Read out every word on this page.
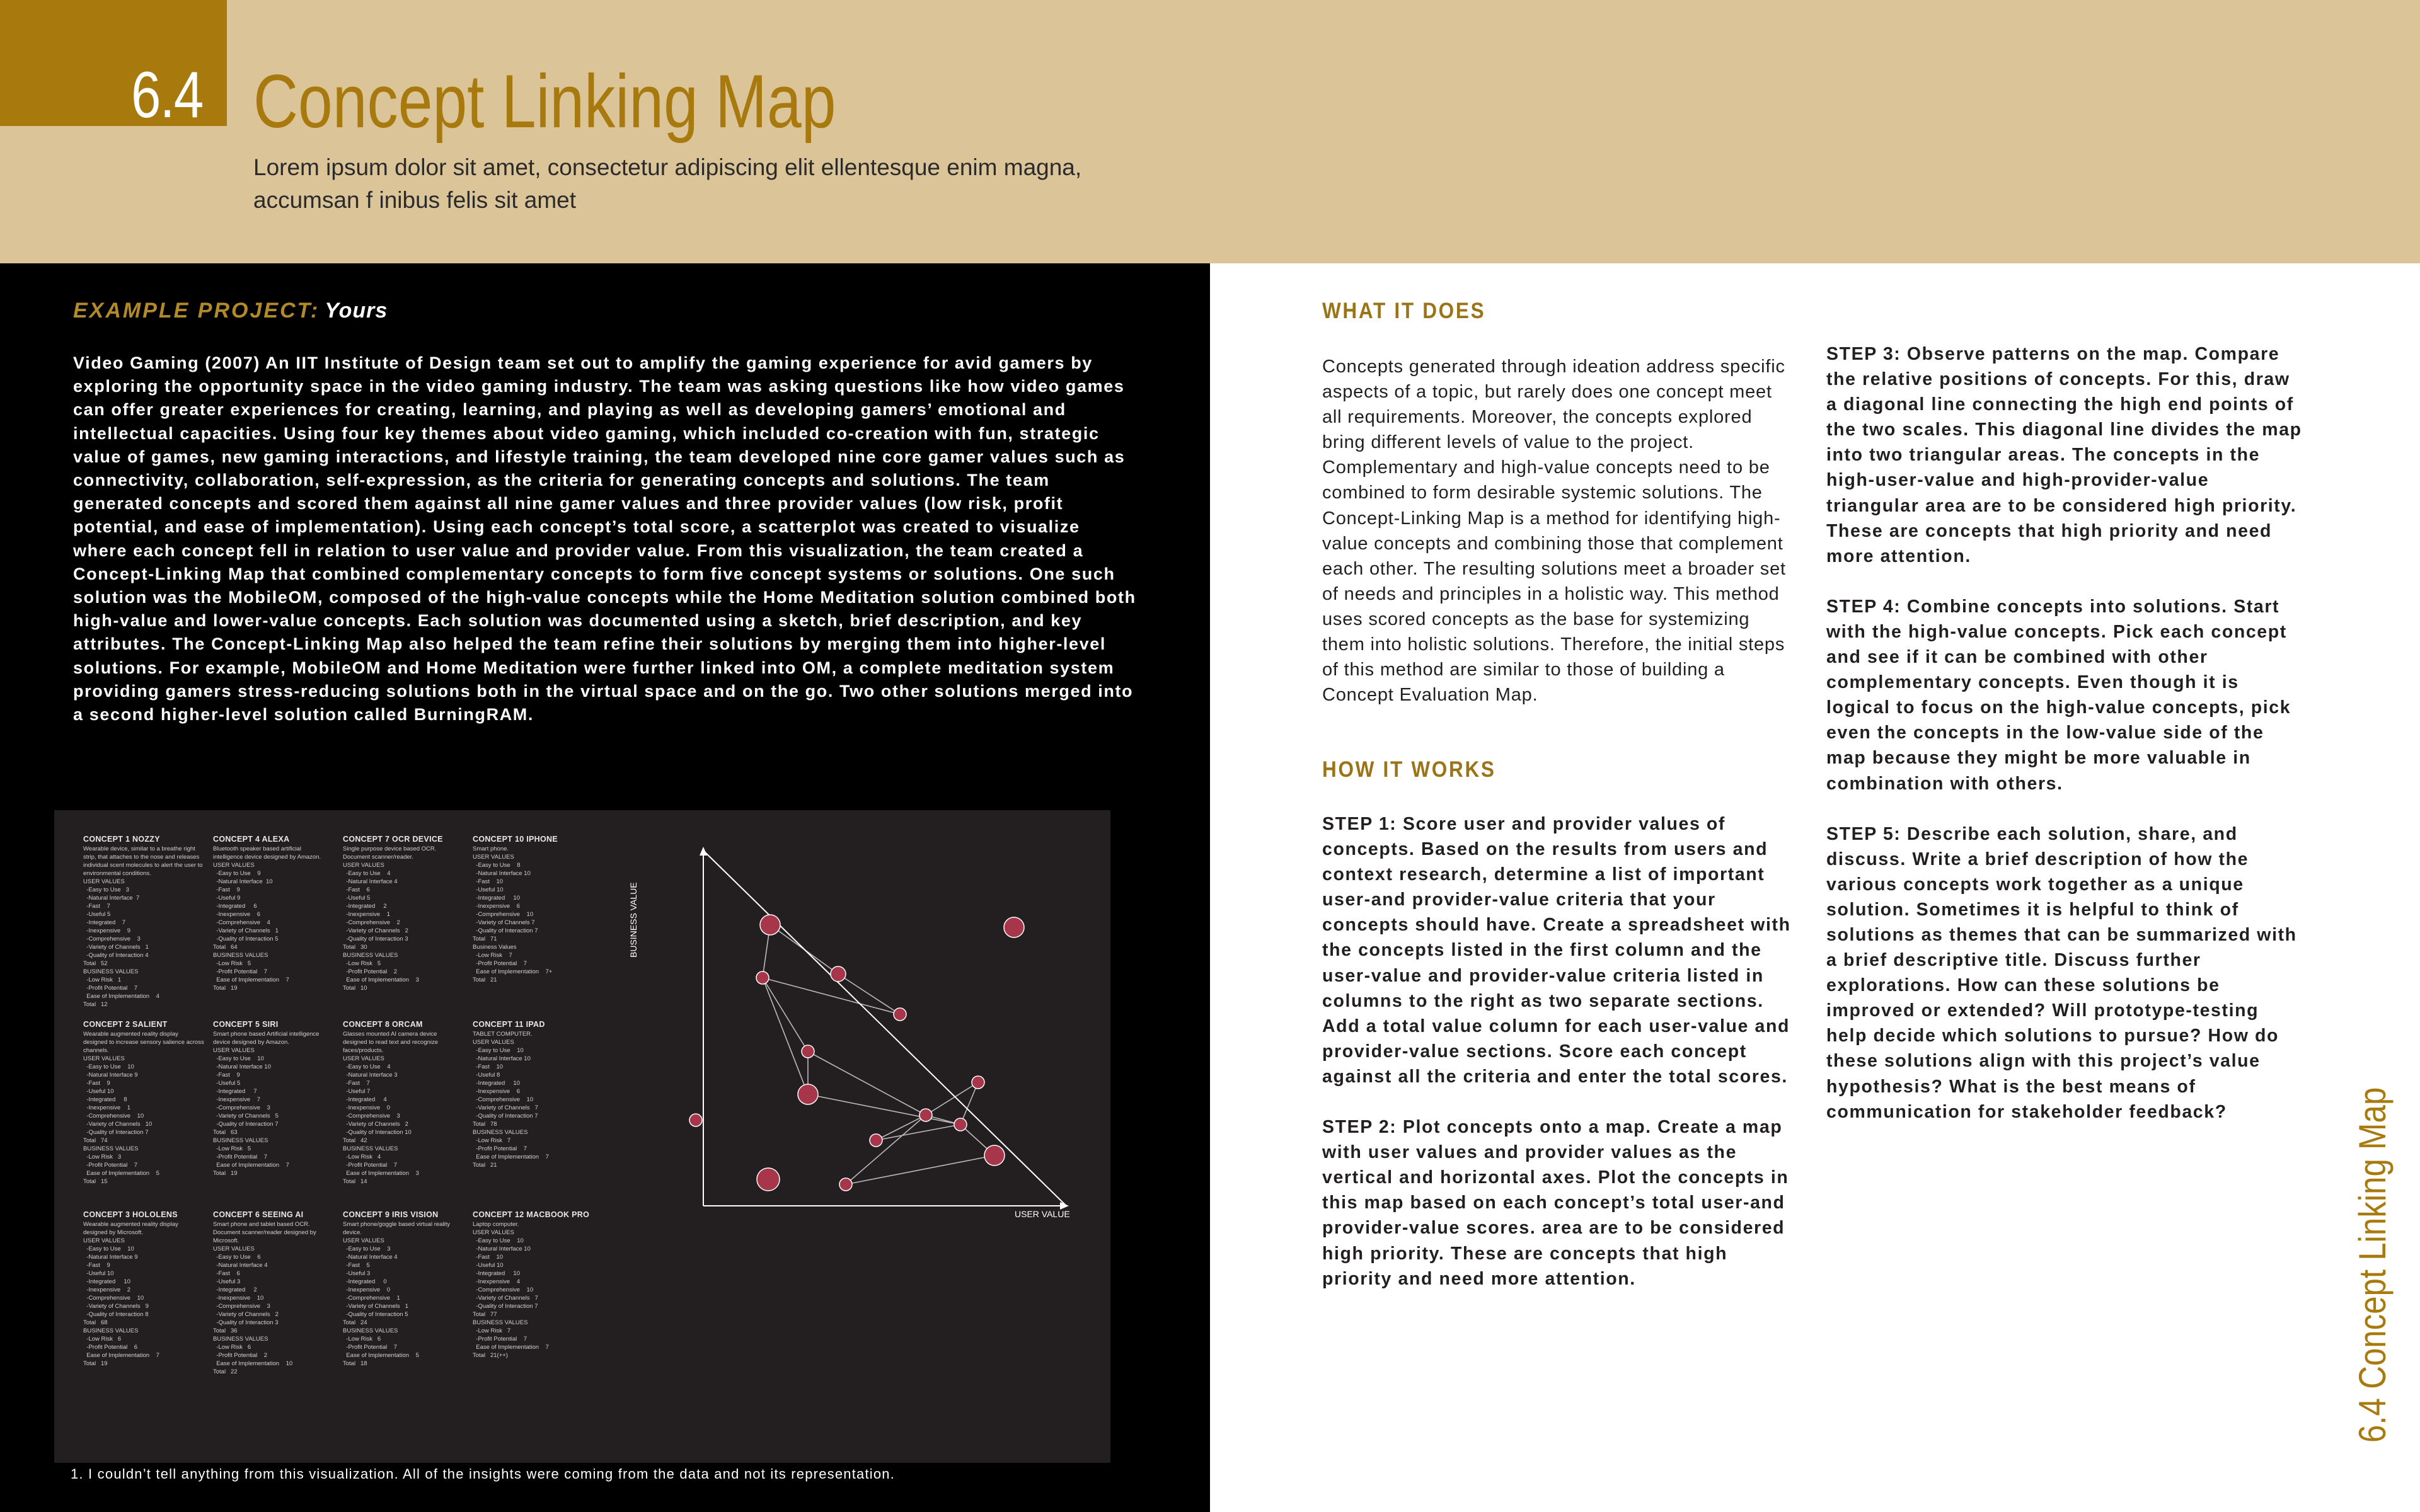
6.4 Concept Linking Map
Lorem ipsum dolor sit amet, consectetur adipiscing elit ellentesque enim magna, accumsan f inibus felis sit amet
EXAMPLE PROJECT: Yours
Video Gaming (2007) An IIT Institute of Design team set out to amplify the gaming experience for avid gamers by exploring the opportunity space in the video gaming industry. The team was asking questions like how video games can offer greater experiences for creating, learning, and playing as well as developing gamers’ emotional and intellectual capacities. Using four key themes about video gaming, which included co-creation with fun, strategic value of games, new gaming interactions, and lifestyle training, the team developed nine core gamer values such as connectivity, collaboration, self-expression, as the criteria for generating concepts and solutions. The team generated concepts and scored them against all nine gamer values and three provider values (low risk, profit potential, and ease of implementation). Using each concept’s total score, a scatterplot was created to visualize where each concept fell in relation to user value and provider value. From this visualization, the team created a Concept-Linking Map that combined complementary concepts to form five concept systems or solutions. One such solution was the MobileOM, composed of the high-value concepts while the Home Meditation solution combined both high-value and lower-value concepts. Each solution was documented using a sketch, brief description, and key attributes. The Concept-Linking Map also helped the team refine their solutions by merging them into higher-level solutions. For example, MobileOM and Home Meditation were further linked into OM, a complete meditation system providing gamers stress-reducing solutions both in the virtual space and on the go. Two other solutions merged into a second higher-level solution called BurningRAM.
CONCEPT 1 NOZZY
Wearable device, similar to a breathe right
strip, that attaches to the nose and releases
individual scent molecules to alert the user to
environmental conditions.
USER VALUES
-Easy to Use   3
-Natural Interface  7
-Fast    7
-Useful 5
-Integrated    7
-Inexpensive    9
-Comprehensive    3
-Variety of Channels   1
-Quality of Interaction 4
Total   52
BUSINESS VALUES
-Low Risk   1
-Profit Potential    7
Ease of Implementation    4
Total   12
CONCEPT 4 ALEXA
Bluetooth speaker based artificial
intelligence device designed by Amazon.
USER VALUES
-Easy to Use    9
-Natural Interface  10
-Fast    9
-Useful 9
-Integrated     6
-Inexpensive    6
-Comprehensive    4
-Variety of Channels   1
-Quality of Interaction 5
Total   64
BUSINESS VALUES
-Low Risk   5
-Profit Potential    7
Ease of Implementation    7
Total   19
CONCEPT 7 OCR DEVICE
Single purpose device based OCR.
Document scanner/reader.
USER VALUES
-Easy to Use    4
-Natural Interface 4
-Fast    6
-Useful 5
-Integrated     2
-Inexpensive    1
-Comprehensive    2
-Variety of Channels   2
-Quality of Interaction 3
Total   30
BUSINESS VALUES
-Low Risk   5
-Profit Potential    2
Ease of Implementation    3
Total   10
CONCEPT 10 IPHONE
Smart phone.
USER VALUES
-Easy to Use    8
-Natural Interface 10
-Fast    10
-Useful 10
-Integrated     10
-Inexpensive    6
-Comprehensive    10
-Variety of Channels 7
-Quality of Interaction 7
Total   71
Business Values
-Low Risk    7
-Profit Potential    7
Ease of Implementation    7+
Total   21
CONCEPT 2 SALIENT
Wearable augmented reality display
designed to increase sensory salience across
channels.
USER VALUES
-Easy to Use    10
-Natural Interface 9
-Fast    9
-Useful 10
-Integrated     8
-Inexpensive    1
-Comprehensive    10
-Variety of Channels   10
-Quality of Interaction 7
Total   74
BUSINESS VALUES
-Low Risk   3
-Profit Potential    7
Ease of Implementation    5
Total   15
CONCEPT 5 SIRI
Smart phone based Artificial intelligence
device designed by Amazon.
USER VALUES
-Easy to Use    10
-Natural Interface 10
-Fast    9
-Useful 5
-Integrated     7
-Inexpensive    7
-Comprehensive    3
-Variety of Channels   5
-Quality of Interaction 7
Total   63
BUSINESS VALUES
-Low Risk   5
-Profit Potential    7
Ease of Implementation    7
Total   19
CONCEPT 8 ORCAM
Glasses mounted AI camera device
designed to read text and recognize
faces/products.
USER VALUES
-Easy to Use    4
-Natural Interface 3
-Fast    7
-Useful 7
-Integrated     4
-Inexpensive    0
-Comprehensive    3
-Variety of Channels   2
-Quality of Interaction 10
Total   42
BUSINESS VALUES
-Low Risk   4
-Profit Potential    7
Ease of Implementation    3
Total   14
CONCEPT 11 IPAD
TABLET COMPUTER.
USER VALUES
-Easy to Use    10
-Natural Interface 10
-Fast    10
-Useful 8
-Integrated     10
-Inexpensive    6
-Comprehensive    10
-Variety of Channels   7
-Quality of Interaction 7
Total   78
BUSINESS VALUES
-Low Risk   7
-Profit Potential    7
Ease of Implementation    7
Total   21
CONCEPT 3 HOLOLENS
Wearable augmented reality display
designed by Microsoft.
USER VALUES
-Easy to Use    10
-Natural Interface 9
-Fast    9
-Useful 10
-Integrated     10
-Inexpensive    2
-Comprehensive    10
-Variety of Channels   9
-Quality of Interaction 8
Total   68
BUSINESS VALUES
-Low Risk   6
-Profit Potential    6
Ease of Implementation    7
Total   19
CONCEPT 6 SEEING AI
Smart phone and tablet based OCR.
Document scanner/reader designed by
Microsoft.
USER VALUES
-Easy to Use    6
-Natural Interface 4
-Fast    6
-Useful 3
-Integrated     2
-Inexpensive    10
-Comprehensive    3
-Variety of Channels   2
-Quality of Interaction 3
Total   36
BUSINESS VALUES
-Low Risk   6
-Profit Potential    2
Ease of Implementation    10
Total   22
CONCEPT 9 IRIS VISION
Smart phone/goggle based virtual reality
device.
USER VALUES
-Easy to Use    3
-Natural Interface 4
-Fast    5
-Useful 3
-Integrated     0
-Inexpensive    0
-Comprehensive    1
-Variety of Channels   1
-Quality of Interaction 5
Total   24
BUSINESS VALUES
-Low Risk   6
-Profit Potential    7
Ease of Implementation    5
Total   18
CONCEPT 12 MACBOOK PRO
Laptop computer.
USER VALUES
-Easy to Use    10
-Natural Interface 10
-Fast    10
-Useful 10
-Integrated     10
-Inexpensive    4
-Comprehensive    10
-Variety of Channels   7
-Quality of Interaction 7
Total   77
BUSINESS VALUES
-Low Risk   7
-Profit Potential    7
Ease of Implementation    7
Total   21(++)
BUSINESS VALUE
USER VALUE
1. I couldn’t tell anything from this visualization. All of the insights were coming from the data and not its representation.
WHAT IT DOES
Concepts generated through ideation address specific aspects of a topic, but rarely does one concept meet all requirements. Moreover, the concepts explored bring different levels of value to the project. Complementary and high-value concepts need to be combined to form desirable systemic solutions. The Concept-Linking Map is a method for identifying high-value concepts and combining those that complement each other. The resulting solutions meet a broader set of needs and principles in a holistic way. This method uses scored concepts as the base for systemizing them into holistic solutions. Therefore, the initial steps of this method are similar to those of building a Concept Evaluation Map.
HOW IT WORKS

STEP 1: Score user and provider values of concepts. Based on the results from users and context research, determine a list of important user-and provider-value criteria that your concepts should have. Create a spreadsheet with the concepts listed in the first column and the user-value and provider-value criteria listed in columns to the right as two separate sections. Add a total value column for each user-value and provider-value sections. Score each concept against all the criteria and enter the total scores.

STEP 2: Plot concepts onto a map. Create a map with user values and provider values as the vertical and horizontal axes. Plot the concepts in this map based on each concept’s total user-and provider-value scores. area are to be considered high priority. These are concepts that high priority and need more attention.

STEP 3: Observe patterns on the map. Compare the relative positions of concepts. For this, draw a diagonal line connecting the high end points of the two scales. This diagonal line divides the map into two triangular areas. The concepts in the high-user-value and high-provider-value triangular area are to be considered high priority. These are concepts that high priority and need more attention.

STEP 4: Combine concepts into solutions. Start with the high-value concepts. Pick each concept and see if it can be combined with other complementary concepts. Even though it is logical to focus on the high-value concepts, pick even the concepts in the low-value side of the map because they might be more valuable in combination with others.

STEP 5: Describe each solution, share, and discuss. Write a brief description of how the various concepts work together as a unique solution. Sometimes it is helpful to think of solutions as themes that can be summarized with a brief descriptive title. Discuss further explorations. How can these solutions be improved or extended? Will prototype-testing help decide which solutions to pursue? How do these solutions align with this project’s value hypothesis? What is the best means of communication for stakeholder feedback?	6.4 Concept Linking Map
